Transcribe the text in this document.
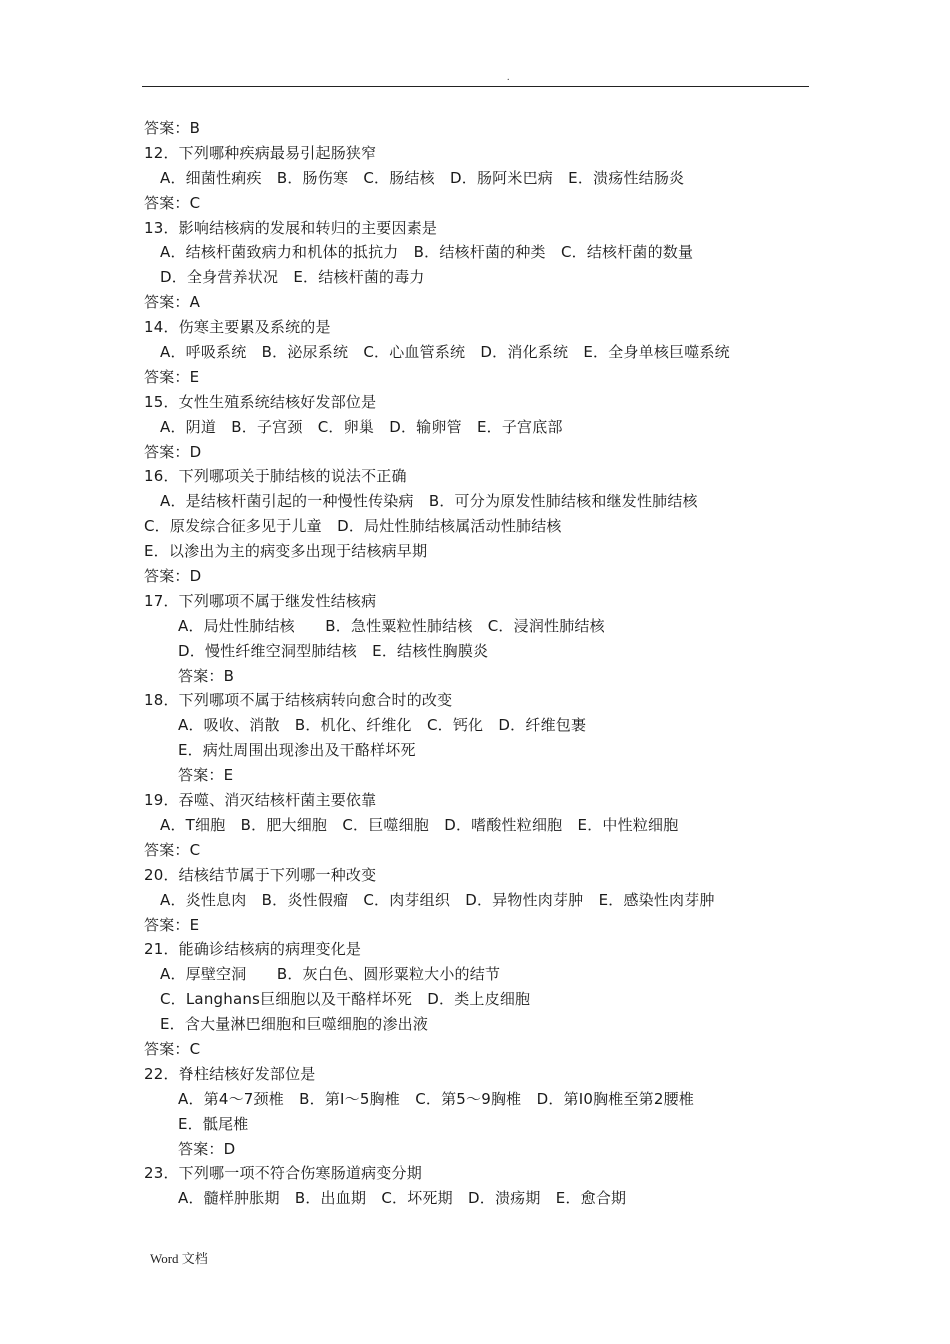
.
答案：B
12．下列哪种疾病最易引起肠狭窄
A．细菌性痢疾　B．肠伤寒　C．肠结核　D．肠阿米巴病　E．溃疡性结肠炎
答案：C
13．影响结核病的发展和转归的主要因素是
A．结核杆菌致病力和机体的抵抗力　B．结核杆菌的种类　C．结核杆菌的数量
D．全身营养状况　E．结核杆菌的毒力
答案：A
14．伤寒主要累及系统的是
A．呼吸系统　B．泌尿系统　C．心血管系统　D．消化系统　E．全身单核巨噬系统
答案：E
15．女性生殖系统结核好发部位是
A．阴道　B．子宫颈　C．卵巢　D．输卵管　E．子宫底部
答案：D
16．下列哪项关于肺结核的说法不正确
A．是结核杆菌引起的一种慢性传染病　B．可分为原发性肺结核和继发性肺结核
C．原发综合征多见于儿童　D．局灶性肺结核属活动性肺结核
E．以渗出为主的病变多出现于结核病早期
答案：D
17．下列哪项不属于继发性结核病
A．局灶性肺结核　　B．急性粟粒性肺结核　C．浸润性肺结核
D．慢性纤维空洞型肺结核　E．结核性胸膜炎
答案：B
18．下列哪项不属于结核病转向愈合时的改变
A．吸收、消散　B．机化、纤维化　C．钙化　D．纤维包裹
E．病灶周围出现渗出及干酪样坏死
答案：E
19．吞噬、消灭结核杆菌主要依靠
A．T细胞　B．肥大细胞　C．巨噬细胞　D．嗜酸性粒细胞　E．中性粒细胞
答案：C
20．结核结节属于下列哪一种改变
A．炎性息肉　B．炎性假瘤　C．肉芽组织　D．异物性肉芽肿　E．感染性肉芽肿
答案：E
21．能确诊结核病的病理变化是
A．厚壁空洞　　B．灰白色、圆形粟粒大小的结节
C．Langhans巨细胞以及干酪样坏死　D．类上皮细胞
E．含大量淋巴细胞和巨噬细胞的渗出液
答案：C
22．脊柱结核好发部位是
A．第4～7颈椎　B．第Ⅰ～5胸椎　C．第5～9胸椎　D．第I0胸椎至第2腰椎
E．骶尾椎
答案：D
23．下列哪一项不符合伤寒肠道病变分期
A．髓样肿胀期　B．出血期　C．坏死期　D．溃疡期　E．愈合期
Word 文档
